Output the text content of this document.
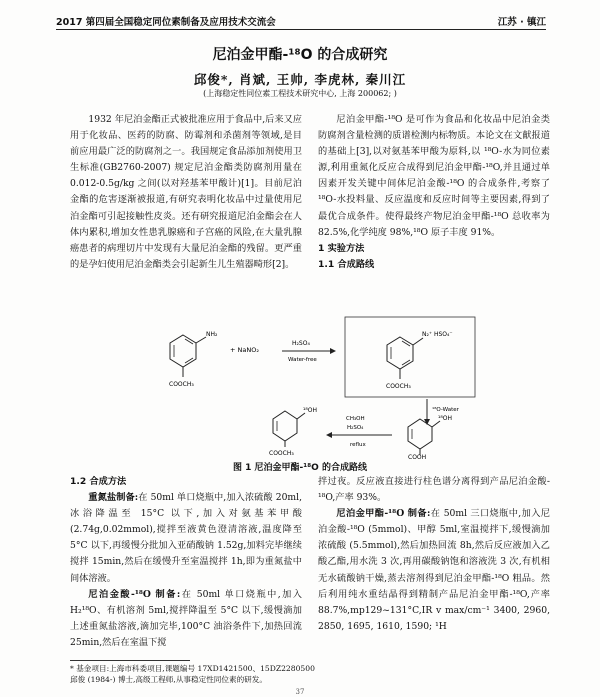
2017 第四届全国稳定同位素制备及应用技术交流会	江苏 · 镇江
尼泊金甲酯-¹⁸O 的合成研究
邱俊*, 肖斌, 王帅, 李虎林, 秦川江
(上海稳定性同位素工程技术研究中心, 上海 200062; )

1932 年尼泊金酯正式被批准应用于食品中,后来又应用于化妆品、医药的防腐、防霉剂和杀菌剂等领域,是目前应用最广泛的防腐剂之一。我国规定食品添加剂使用卫生标准(GB2760-2007) 规定尼泊金酯类防腐剂用量在 0.012-0.5g/kg 之间(以对羟基苯甲酸计)[1]。目前尼泊金酯的危害逐渐被报道,有研究表明化妆品中过量使用尼泊金酯可引起接触性皮炎。还有研究报道尼泊金酯会在人体内累积,增加女性患乳腺癌和子宫癌的风险,在大量乳腺癌患者的病理切片中发现有大量尼泊金酯的残留。更严重的是孕妇使用尼泊金酯类会引起新生儿生殖器畸形[2]。

尼泊金甲酯-¹⁸O 是可作为食品和化妆品中尼泊金类防腐剂含量检测的质谱检测内标物质。本论文在文献报道的基础上[3],以对氨基苯甲酸为原料,以 ¹⁸O-水为同位素源,利用重氮化反应合成得到尼泊金甲酯-¹⁸O,并且通过单因素开发关键中间体尼泊金酸-¹⁸O 的合成条件,考察了 ¹⁸O-水投料量、反应温度和反应时间等主要因素,得到了最优合成条件。使得最终产物尼泊金甲酯-¹⁸O 总收率为 82.5%,化学纯度 98%,¹⁸O 原子丰度 91%。

1 实验方法

1.1 合成路线

NH₂
COOCH₃
+ NaNO₂
H₂SO₄
Water-free
N₂⁺ HSO₄⁻
COOCH₃
¹⁸O-Water
¹⁸OH
COOH
CH₃OH
H₂SO₄
reflux
¹⁸OH
COOCH₃
图 1 尼泊金甲酯-¹⁸O 的合成路线

1.2 合成方法

重氮盐制备:在 50ml 单口烧瓶中,加入浓硫酸 20ml,冰浴降温至 15°C 以下,加入对氨基苯甲酸(2.74g,0.02mmol),搅拌至液黄色澄清溶液,温度降至 5°C 以下,再缓慢分批加入亚硝酸钠 1.52g,加料完毕继续搅拌 15min,然后在缓慢升至室温搅拌 1h,即为重氮盐中间体溶液。

尼泊金酸-¹⁸O 制备:在 50ml 单口烧瓶中,加入 H₂¹⁸O、有机溶剂 5ml,搅拌降温至 5°C 以下,缓慢滴加上述重氮盐溶液,滴加完毕,100°C 油浴条件下,加热回流 25min,然后在室温下搅

拌过夜。反应液直接进行柱色谱分离得到产品尼泊金酸-¹⁸O,产率 93%。

尼泊金甲酯-¹⁸O 制备:在 50ml 三口烧瓶中,加入尼泊金酸-¹⁸O (5mmol)、甲醇 5ml,室温搅拌下,缓慢滴加浓硫酸 (5.5mmol),然后加热回流 8h,然后反应液加入乙酸乙酯,用水洗 3 次,再用碳酸钠饱和溶液洗 3 次,有机相无水硫酸钠干燥,蒸去溶剂得到尼泊金甲酯-¹⁸O 粗品。然后利用纯水重结晶得到精制产品尼泊金甲酯-¹⁸O,产率 88.7%,mp129~131°C,IR v max/cm⁻¹ 3400, 2960, 2850, 1695, 1610, 1590; ¹H

* 基金项目:上海市科委项目,课题编号 17XD1421500、15DZ2280500

邱俊 (1984-) 博士,高级工程师,从事稳定性同位素的研发。

37
